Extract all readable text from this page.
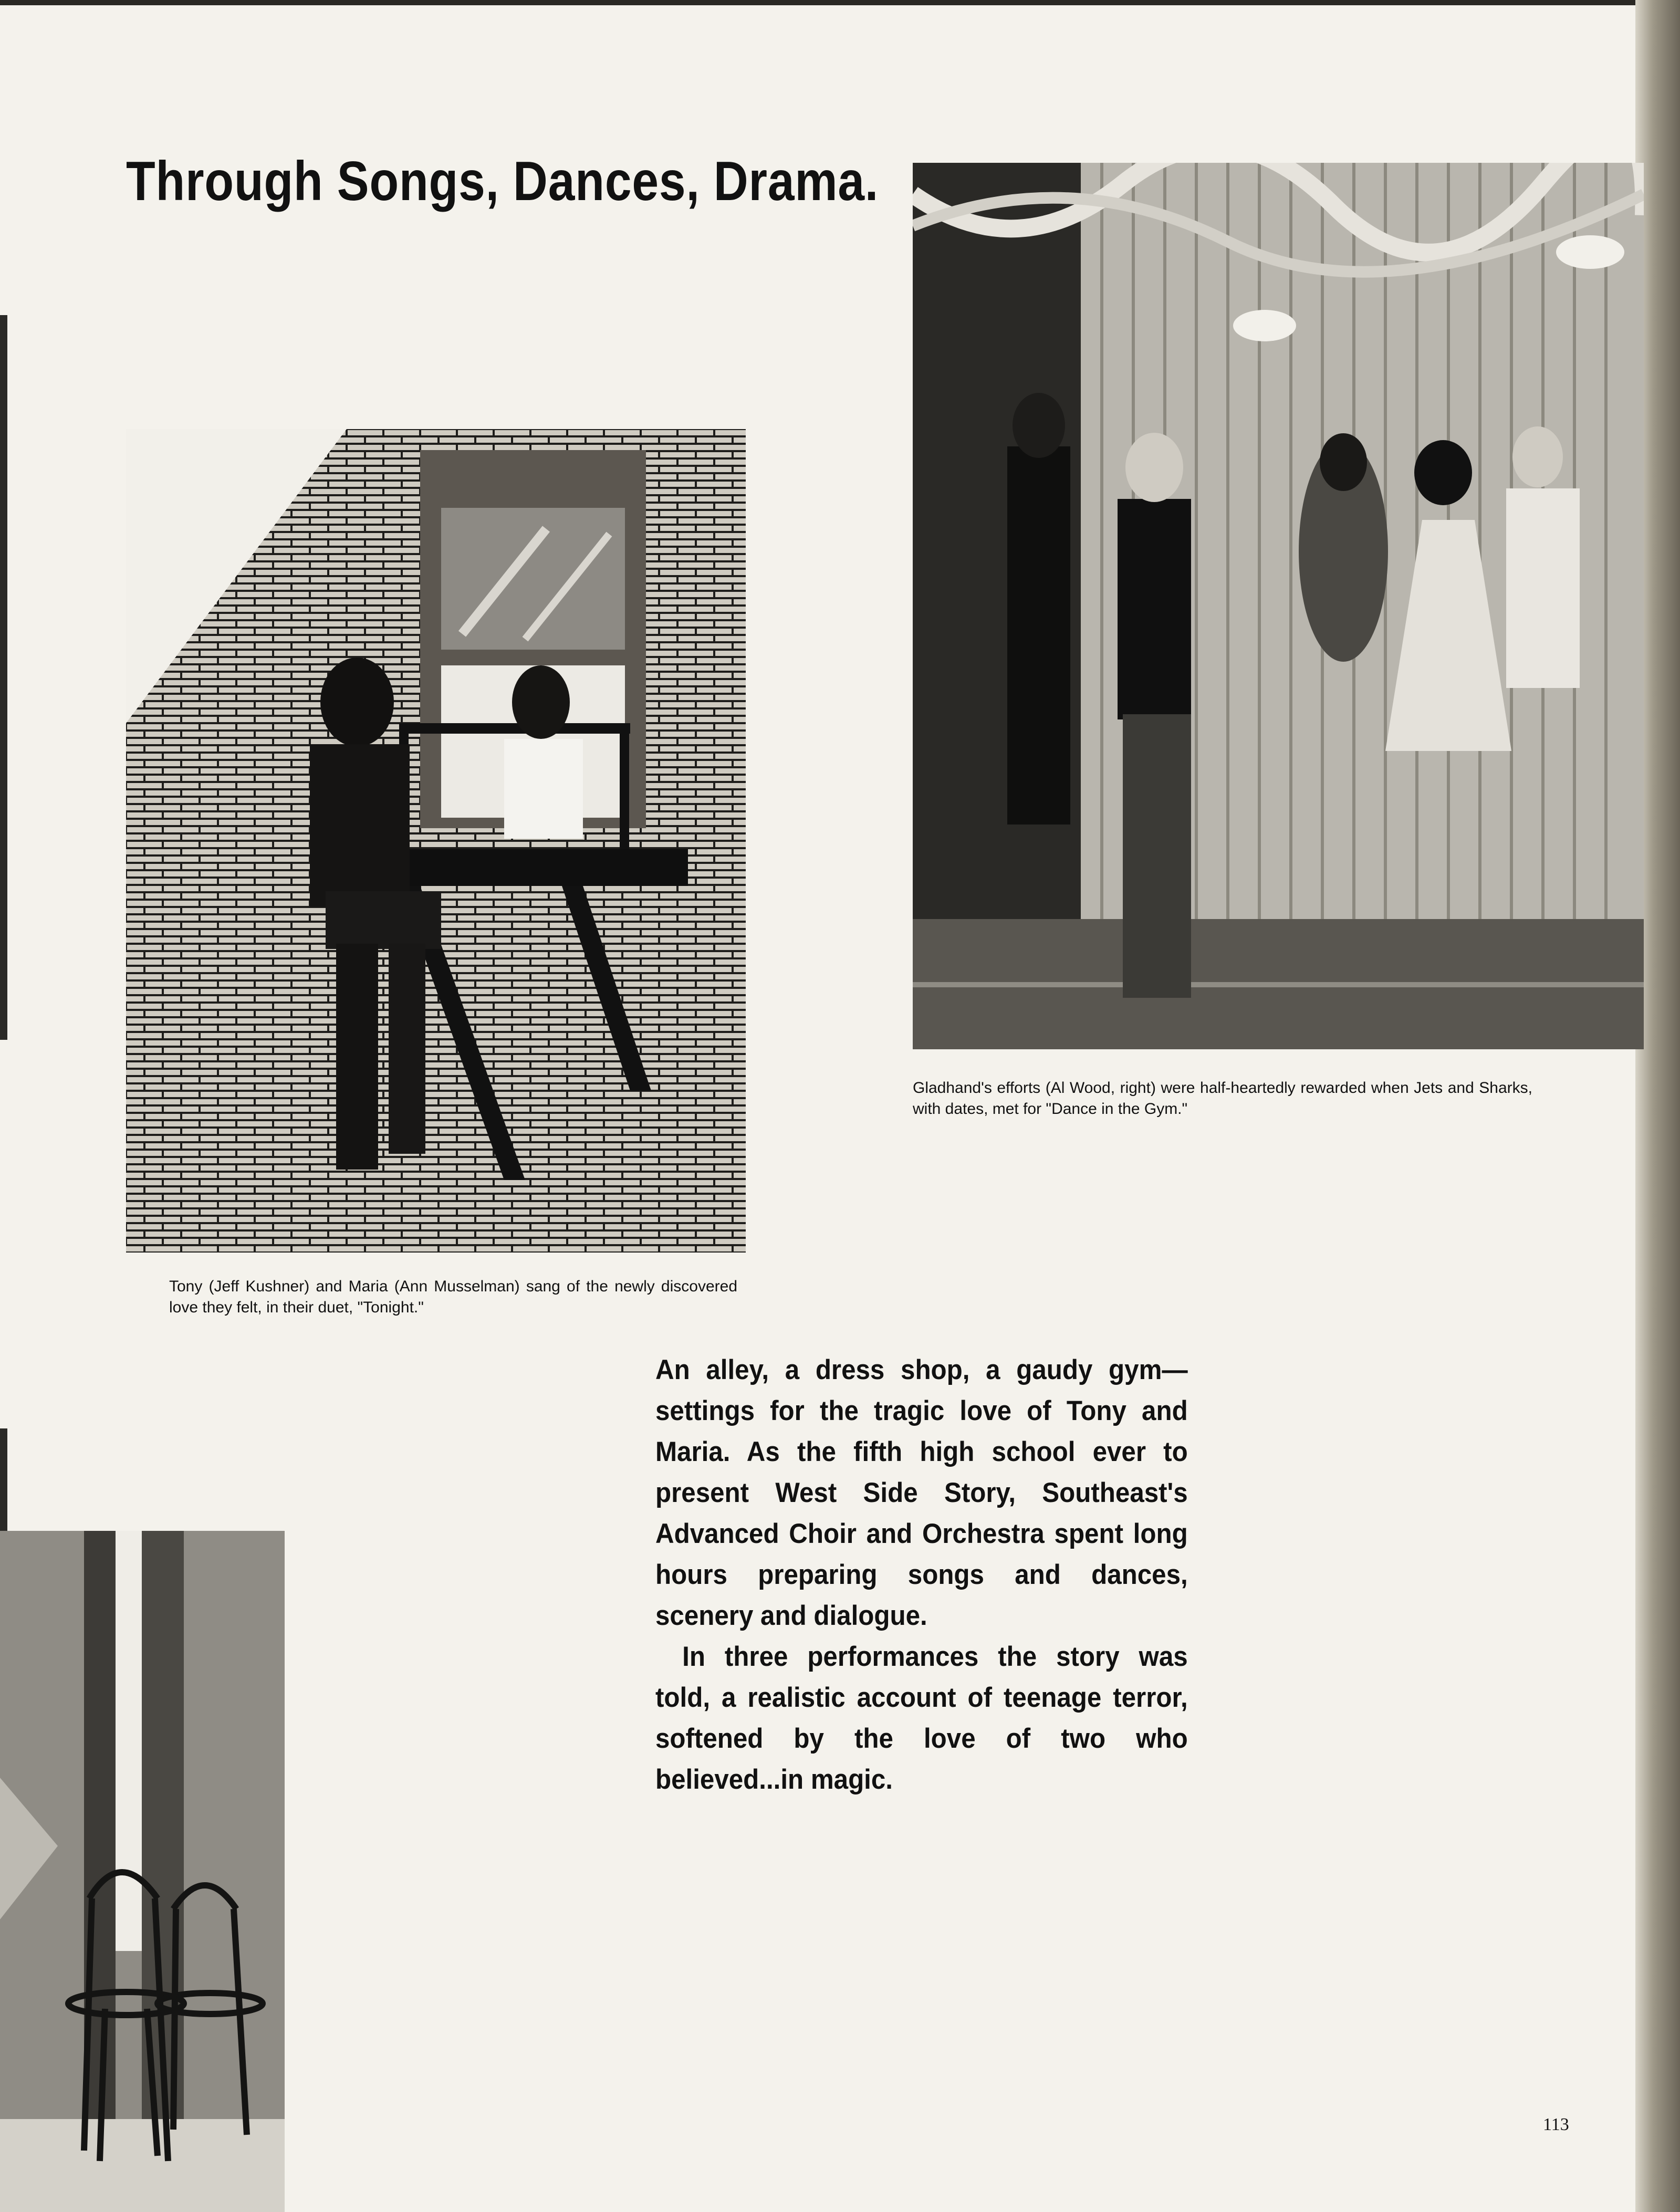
Through Songs, Dances, Drama.

Tony (Jeff Kushner) and Maria (Ann Musselman) sang of the newly discovered love they felt, in their duet, "Tonight."

Gladhand's efforts (Al Wood, right) were half-heartedly rewarded when Jets and Sharks, with dates, met for "Dance in the Gym."

An alley, a dress shop, a gaudy gym—settings for the tragic love of Tony and Maria. As the fifth high school ever to present West Side Story, Southeast's Advanced Choir and Orchestra spent long hours preparing songs and dances, scenery and dialogue.

In three performances the story was told, a realistic account of teenage terror, softened by the love of two who believed...in magic.

113
